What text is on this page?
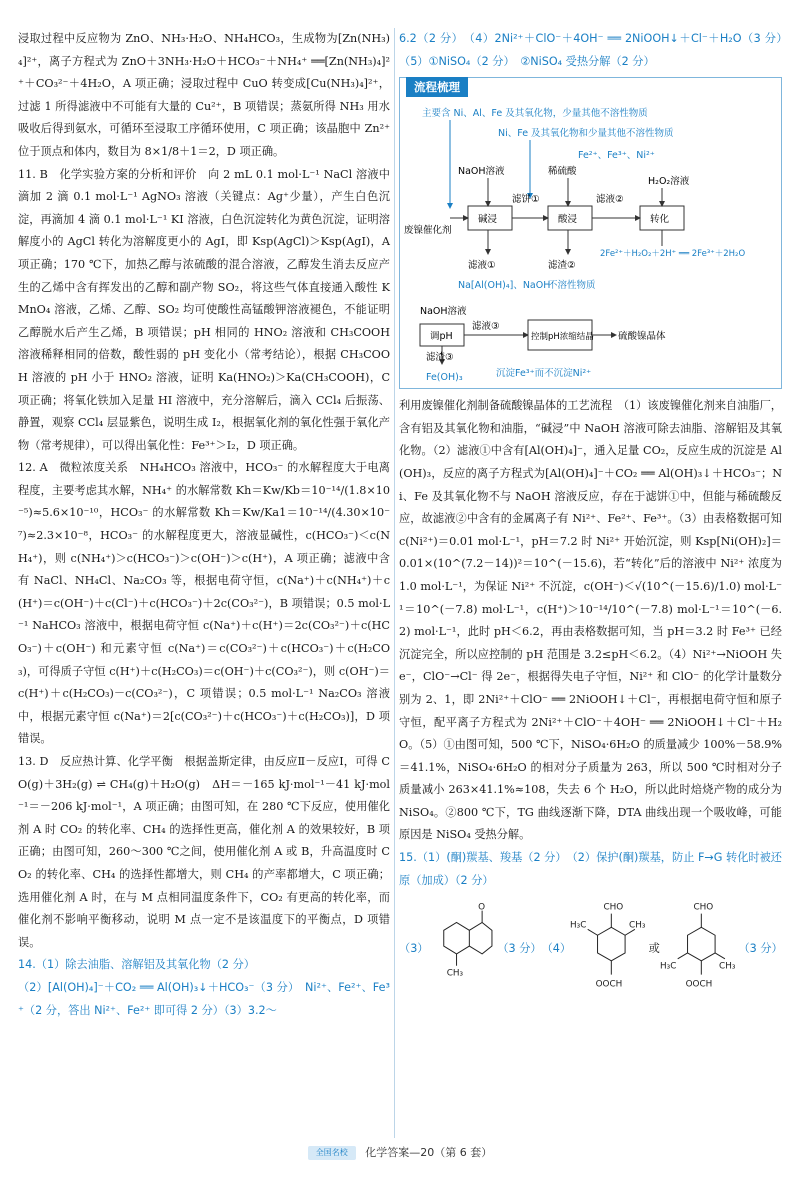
浸取过程中反应物为 ZnO、NH₃·H₂O、NH₄HCO₃，生成物为[Zn(NH₃)₄]²⁺，离子方程式为 ZnO＋3NH₃·H₂O＋HCO₃⁻＋NH₄⁺ ══[Zn(NH₃)₄]²⁺＋CO₃²⁻＋4H₂O，A 项正确；浸取过程中 CuO 转变成[Cu(NH₃)₄]²⁺，过滤 1 所得滤液中不可能有大量的 Cu²⁺，B 项错误；蒸氨所得 NH₃ 用水吸收后得到氨水，可循环至浸取工序循环使用，C 项正确；该晶胞中 Zn²⁺ 位于顶点和体内，数目为 8×1/8＋1＝2，D 项正确。

11. B　化学实验方案的分析和评价　向 2 mL 0.1 mol·L⁻¹ NaCl 溶液中滴加 2 滴 0.1 mol·L⁻¹ AgNO₃ 溶液（关键点：Ag⁺少量），产生白色沉淀，再滴加 4 滴 0.1 mol·L⁻¹ KI 溶液，白色沉淀转化为黄色沉淀，证明溶解度小的 AgCl 转化为溶解度更小的 AgI，即 Ksp(AgCl)＞Ksp(AgI)，A 项正确；170 ℃下，加热乙醇与浓硫酸的混合溶液，乙醇发生消去反应产生的乙烯中含有挥发出的乙醇和副产物 SO₂，将这些气体直接通入酸性 KMnO₄ 溶液，乙烯、乙醇、SO₂ 均可使酸性高锰酸钾溶液褪色，不能证明乙醇脱水后产生乙烯，B 项错误；pH 相同的 HNO₂ 溶液和 CH₃COOH 溶液稀释相同的倍数，酸性弱的 pH 变化小（常考结论），根据 CH₃COOH 溶液的 pH 小于 HNO₂ 溶液，证明 Ka(HNO₂)＞Ka(CH₃COOH)，C 项正确；将氧化铁加入足量 HI 溶液中，充分溶解后，滴入 CCl₄ 后振荡、静置，观察 CCl₄ 层显紫色，说明生成 I₂，根据氧化剂的氧化性强于氧化产物（常考规律），可以得出氧化性：Fe³⁺＞I₂，D 项正确。

12. A　微粒浓度关系　NH₄HCO₃ 溶液中，HCO₃⁻ 的水解程度大于电离程度，主要考虑其水解，NH₄⁺ 的水解常数 Kh＝Kw/Kb＝10⁻¹⁴/(1.8×10⁻⁵)≈5.6×10⁻¹⁰，HCO₃⁻ 的水解常数 Kh＝Kw/Ka1＝10⁻¹⁴/(4.30×10⁻⁷)≈2.3×10⁻⁸，HCO₃⁻ 的水解程度更大，溶液显碱性，c(HCO₃⁻)＜c(NH₄⁺)，则 c(NH₄⁺)＞c(HCO₃⁻)＞c(OH⁻)＞c(H⁺)，A 项正确；滤液中含有 NaCl、NH₄Cl、Na₂CO₃ 等，根据电荷守恒，c(Na⁺)＋c(NH₄⁺)＋c(H⁺)＝c(OH⁻)＋c(Cl⁻)＋c(HCO₃⁻)＋2c(CO₃²⁻)，B 项错误；0.5 mol·L⁻¹ NaHCO₃ 溶液中，根据电荷守恒 c(Na⁺)＋c(H⁺)＝2c(CO₃²⁻)＋c(HCO₃⁻)＋c(OH⁻) 和元素守恒 c(Na⁺)＝c(CO₃²⁻)＋c(HCO₃⁻)＋c(H₂CO₃)，可得质子守恒 c(H⁺)＋c(H₂CO₃)＝c(OH⁻)＋c(CO₃²⁻)，则 c(OH⁻)＝c(H⁺)＋c(H₂CO₃)－c(CO₃²⁻)，C 项错误；0.5 mol·L⁻¹ Na₂CO₃ 溶液中，根据元素守恒 c(Na⁺)＝2[c(CO₃²⁻)＋c(HCO₃⁻)＋c(H₂CO₃)]，D 项错误。

13. D　反应热计算、化学平衡　根据盖斯定律，由反应Ⅱ－反应Ⅰ，可得 CO(g)＋3H₂(g) ⇌ CH₄(g)＋H₂O(g)　ΔH＝－165 kJ·mol⁻¹－41 kJ·mol⁻¹＝－206 kJ·mol⁻¹，A 项正确；由图可知，在 280 ℃下反应，使用催化剂 A 时 CO₂ 的转化率、CH₄ 的选择性更高，催化剂 A 的效果较好，B 项正确；由图可知，260～300 ℃之间，使用催化剂 A 或 B，升高温度时 CO₂ 的转化率、CH₄ 的选择性都增大，则 CH₄ 的产率都增大，C 项正确；选用催化剂 A 时，在与 M 点相同温度条件下，CO₂ 有更高的转化率，而催化剂不影响平衡移动，说明 M 点一定不是该温度下的平衡点，D 项错误。

14.（1）除去油脂、溶解铝及其氧化物（2 分）

（2）[Al(OH)₄]⁻＋CO₂ ══ Al(OH)₃↓＋HCO₃⁻（3 分）　Ni²⁺、Fe²⁺、Fe³⁺（2 分，答出 Ni²⁺、Fe²⁺ 即可得 2 分）（3）3.2～

6.2（2 分）　（4）2Ni²⁺＋ClO⁻＋4OH⁻ ══ 2NiOOH↓＋Cl⁻＋H₂O（3 分）　（5）①NiSO₄（2 分）　②NiSO₄ 受热分解（2 分）

主要含 Ni、Al、Fe 及其氧化物，少量其他不溶性物质
Ni、Fe 及其氧化物和少量其他不溶性物质
Fe²⁺、Fe³⁺、Ni²⁺
废镍催化剂
NaOH溶液	稀硫酸
H₂O₂溶液
碱浸	酸浸	转化
滤饼①	滤液②
滤液①	滤渣②
Na[Al(OH)₄]、NaOH
不溶性物质
2Fe²⁺＋H₂O₂＋2H⁺ ══ 2Fe³⁺＋2H₂O
NaOH溶液
调pH
滤液③
控制pH浓缩结晶	硫酸镍晶体
滤渣③
Fe(OH)₃	沉淀Fe³⁺而不沉淀Ni²⁺
流程梳理

利用废镍催化剂制备硫酸镍晶体的工艺流程　（1）该废镍催化剂来自油脂厂，含有铝及其氧化物和油脂，“碱浸”中 NaOH 溶液可除去油脂、溶解铝及其氧化物。（2）滤液①中含有[Al(OH)₄]⁻，通入足量 CO₂，反应生成的沉淀是 Al(OH)₃，反应的离子方程式为[Al(OH)₄]⁻＋CO₂ ══ Al(OH)₃↓＋HCO₃⁻；Ni、Fe 及其氧化物不与 NaOH 溶液反应，存在于滤饼①中，但能与稀硫酸反应，故滤液②中含有的金属离子有 Ni²⁺、Fe²⁺、Fe³⁺。（3）由表格数据可知 c(Ni²⁺)＝0.01 mol·L⁻¹，pH＝7.2 时 Ni²⁺ 开始沉淀，则 Ksp[Ni(OH)₂]＝0.01×(10^(7.2－14))²＝10^(－15.6)，若“转化”后的溶液中 Ni²⁺ 浓度为 1.0 mol·L⁻¹，为保证 Ni²⁺ 不沉淀，c(OH⁻)＜√(10^(－15.6)/1.0) mol·L⁻¹＝10^(－7.8) mol·L⁻¹，c(H⁺)＞10⁻¹⁴/10^(－7.8) mol·L⁻¹＝10^(－6.2) mol·L⁻¹，此时 pH＜6.2，再由表格数据可知，当 pH＝3.2 时 Fe³⁺ 已经沉淀完全，所以应控制的 pH 范围是 3.2≤pH＜6.2。（4）Ni²⁺→NiOOH 失 e⁻，ClO⁻→Cl⁻ 得 2e⁻，根据得失电子守恒，Ni²⁺ 和 ClO⁻ 的化学计量数分别为 2、1，即 2Ni²⁺＋ClO⁻ ══ 2NiOOH↓＋Cl⁻，再根据电荷守恒和原子守恒，配平离子方程式为 2Ni²⁺＋ClO⁻＋4OH⁻ ══ 2NiOOH↓＋Cl⁻＋H₂O。（5）①由图可知，500 ℃下，NiSO₄·6H₂O 的质量减少 100%－58.9%＝41.1%，NiSO₄·6H₂O 的相对分子质量为 263，所以 500 ℃时相对分子质量减小 263×41.1%≈108，失去 6 个 H₂O，所以此时焙烧产物的成分为 NiSO₄。②800 ℃下，TG 曲线逐渐下降，DTA 曲线出现一个吸收峰，可能原因是 NiSO₄ 受热分解。

15.（1）(酮)羰基、羧基（2 分）　（2）保护(酮)羰基，防止 F→G 转化时被还原（加成）（2 分）

（3）
O
CH₃
（3 分）　（4）
CHO
H₃C	CH₃
OOCH
或
CHO
H₃C	CH₃
OOCH
（3 分）
全国名校 化学答案—20（第 6 套）
